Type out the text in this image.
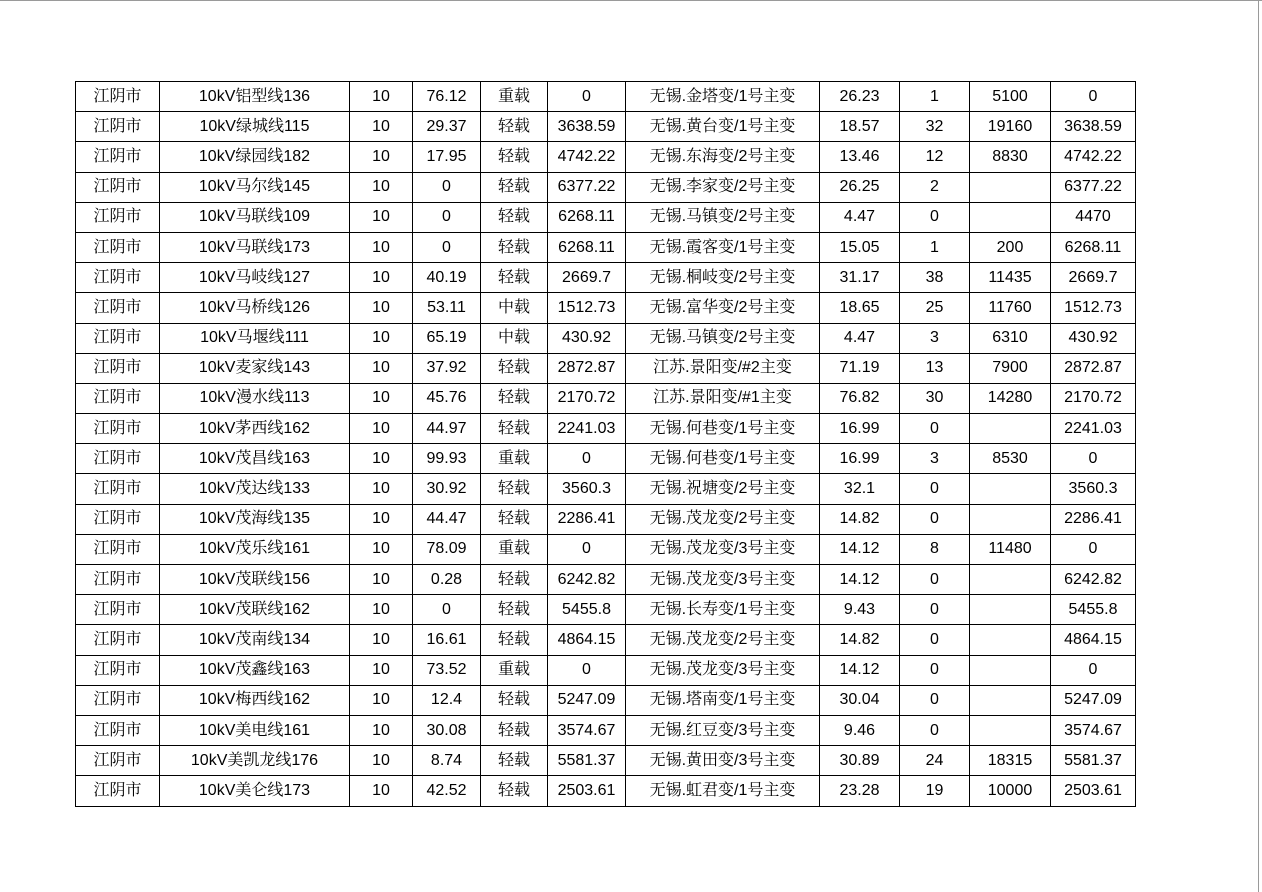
江阴市	10kV铝型线136	10	76.12	重载	0	无锡.金塔变/1号主变	26.23	1	5100	0
江阴市	10kV绿城线115	10	29.37	轻载	3638.59	无锡.黄台变/1号主变	18.57	32	19160	3638.59
江阴市	10kV绿园线182	10	17.95	轻载	4742.22	无锡.东海变/2号主变	13.46	12	8830	4742.22
江阴市	10kV马尔线145	10	0	轻载	6377.22	无锡.李家变/2号主变	26.25	2		6377.22
江阴市	10kV马联线109	10	0	轻载	6268.11	无锡.马镇变/2号主变	4.47	0		4470
江阴市	10kV马联线173	10	0	轻载	6268.11	无锡.霞客变/1号主变	15.05	1	200	6268.11
江阴市	10kV马岐线127	10	40.19	轻载	2669.7	无锡.桐岐变/2号主变	31.17	38	11435	2669.7
江阴市	10kV马桥线126	10	53.11	中载	1512.73	无锡.富华变/2号主变	18.65	25	11760	1512.73
江阴市	10kV马堰线111	10	65.19	中载	430.92	无锡.马镇变/2号主变	4.47	3	6310	430.92
江阴市	10kV麦家线143	10	37.92	轻载	2872.87	江苏.景阳变/#2主变	71.19	13	7900	2872.87
江阴市	10kV漫水线113	10	45.76	轻载	2170.72	江苏.景阳变/#1主变	76.82	30	14280	2170.72
江阴市	10kV茅西线162	10	44.97	轻载	2241.03	无锡.何巷变/1号主变	16.99	0		2241.03
江阴市	10kV茂昌线163	10	99.93	重载	0	无锡.何巷变/1号主变	16.99	3	8530	0
江阴市	10kV茂达线133	10	30.92	轻载	3560.3	无锡.祝塘变/2号主变	32.1	0		3560.3
江阴市	10kV茂海线135	10	44.47	轻载	2286.41	无锡.茂龙变/2号主变	14.82	0		2286.41
江阴市	10kV茂乐线161	10	78.09	重载	0	无锡.茂龙变/3号主变	14.12	8	11480	0
江阴市	10kV茂联线156	10	0.28	轻载	6242.82	无锡.茂龙变/3号主变	14.12	0		6242.82
江阴市	10kV茂联线162	10	0	轻载	5455.8	无锡.长寿变/1号主变	9.43	0		5455.8
江阴市	10kV茂南线134	10	16.61	轻载	4864.15	无锡.茂龙变/2号主变	14.82	0		4864.15
江阴市	10kV茂鑫线163	10	73.52	重载	0	无锡.茂龙变/3号主变	14.12	0		0
江阴市	10kV梅西线162	10	12.4	轻载	5247.09	无锡.塔南变/1号主变	30.04	0		5247.09
江阴市	10kV美电线161	10	30.08	轻载	3574.67	无锡.红豆变/3号主变	9.46	0		3574.67
江阴市	10kV美凯龙线176	10	8.74	轻载	5581.37	无锡.黄田变/3号主变	30.89	24	18315	5581.37
江阴市	10kV美仑线173	10	42.52	轻载	2503.61	无锡.虹君变/1号主变	23.28	19	10000	2503.61
